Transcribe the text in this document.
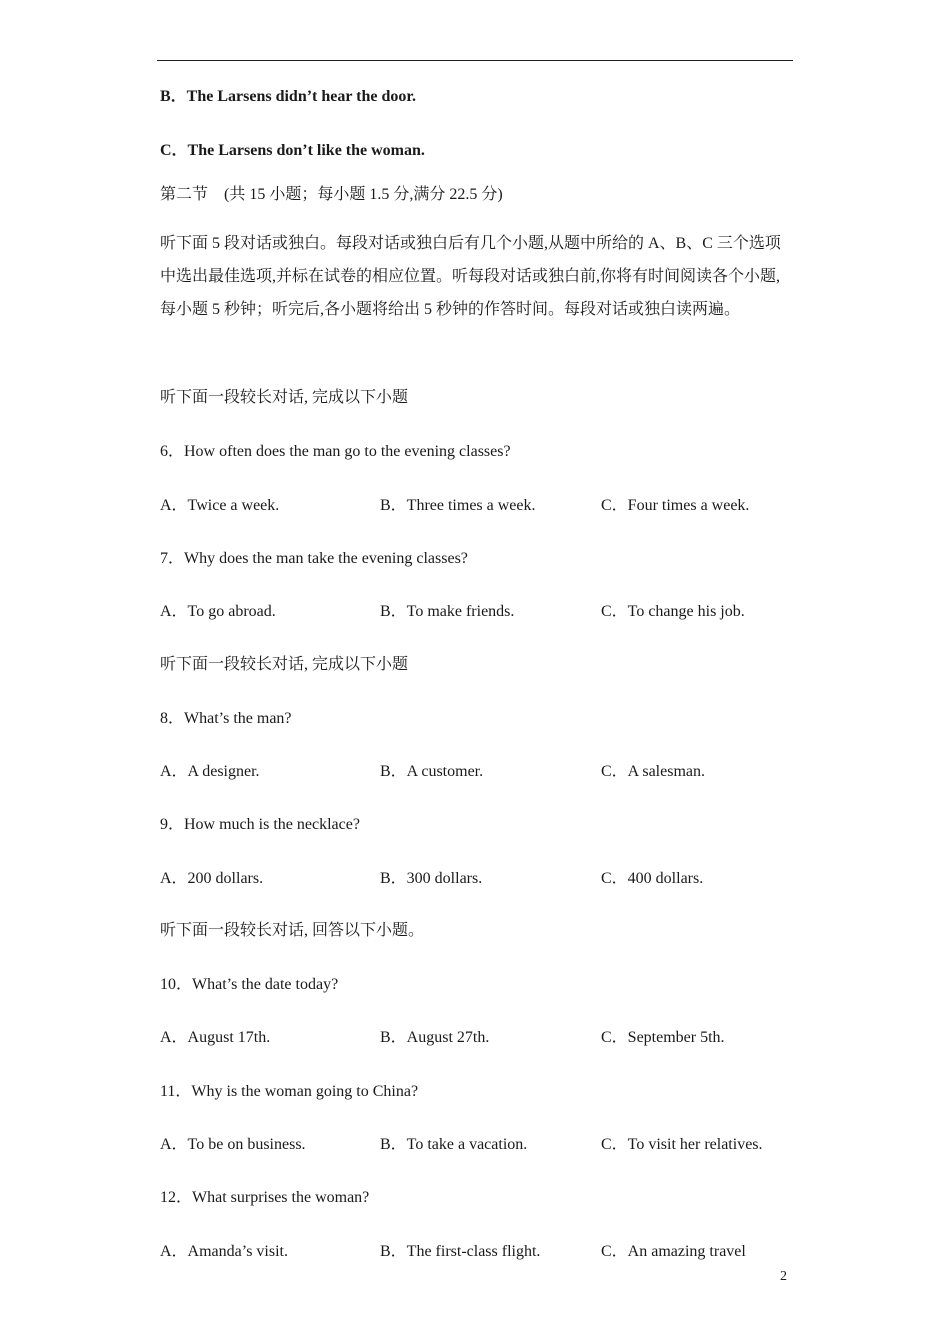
B．The Larsens didn’t hear the door.
C．The Larsens don’t like the woman.
第二节　(共 15 小题；每小题 1.5 分,满分 22.5 分)
听下面 5 段对话或独白。每段对话或独白后有几个小题,从题中所给的 A、B、C 三个选项中选出最佳选项,并标在试卷的相应位置。听每段对话或独白前,你将有时间阅读各个小题,每小题 5 秒钟；听完后,各小题将给出 5 秒钟的作答时间。每段对话或独白读两遍。
听下面一段较长对话, 完成以下小题
6．How often does the man go to the evening classes?
A．Twice a week.	B．Three times a week.	C．Four times a week.
7．Why does the man take the evening classes?
A．To go abroad.	B．To make friends.	C．To change his job.
听下面一段较长对话, 完成以下小题
8．What’s the man?
A．A designer.	B．A customer.	C．A salesman.
9．How much is the necklace?
A．200 dollars.	B．300 dollars.	C．400 dollars.
听下面一段较长对话, 回答以下小题。
10．What’s the date today?
A．August 17th.	B．August 27th.	C．September 5th.
11．Why is the woman going to China?
A．To be on business.	B．To take a vacation.	C．To visit her relatives.
12．What surprises the woman?
A．Amanda’s visit.	B．The first-class flight.	C．An amazing travel
2
